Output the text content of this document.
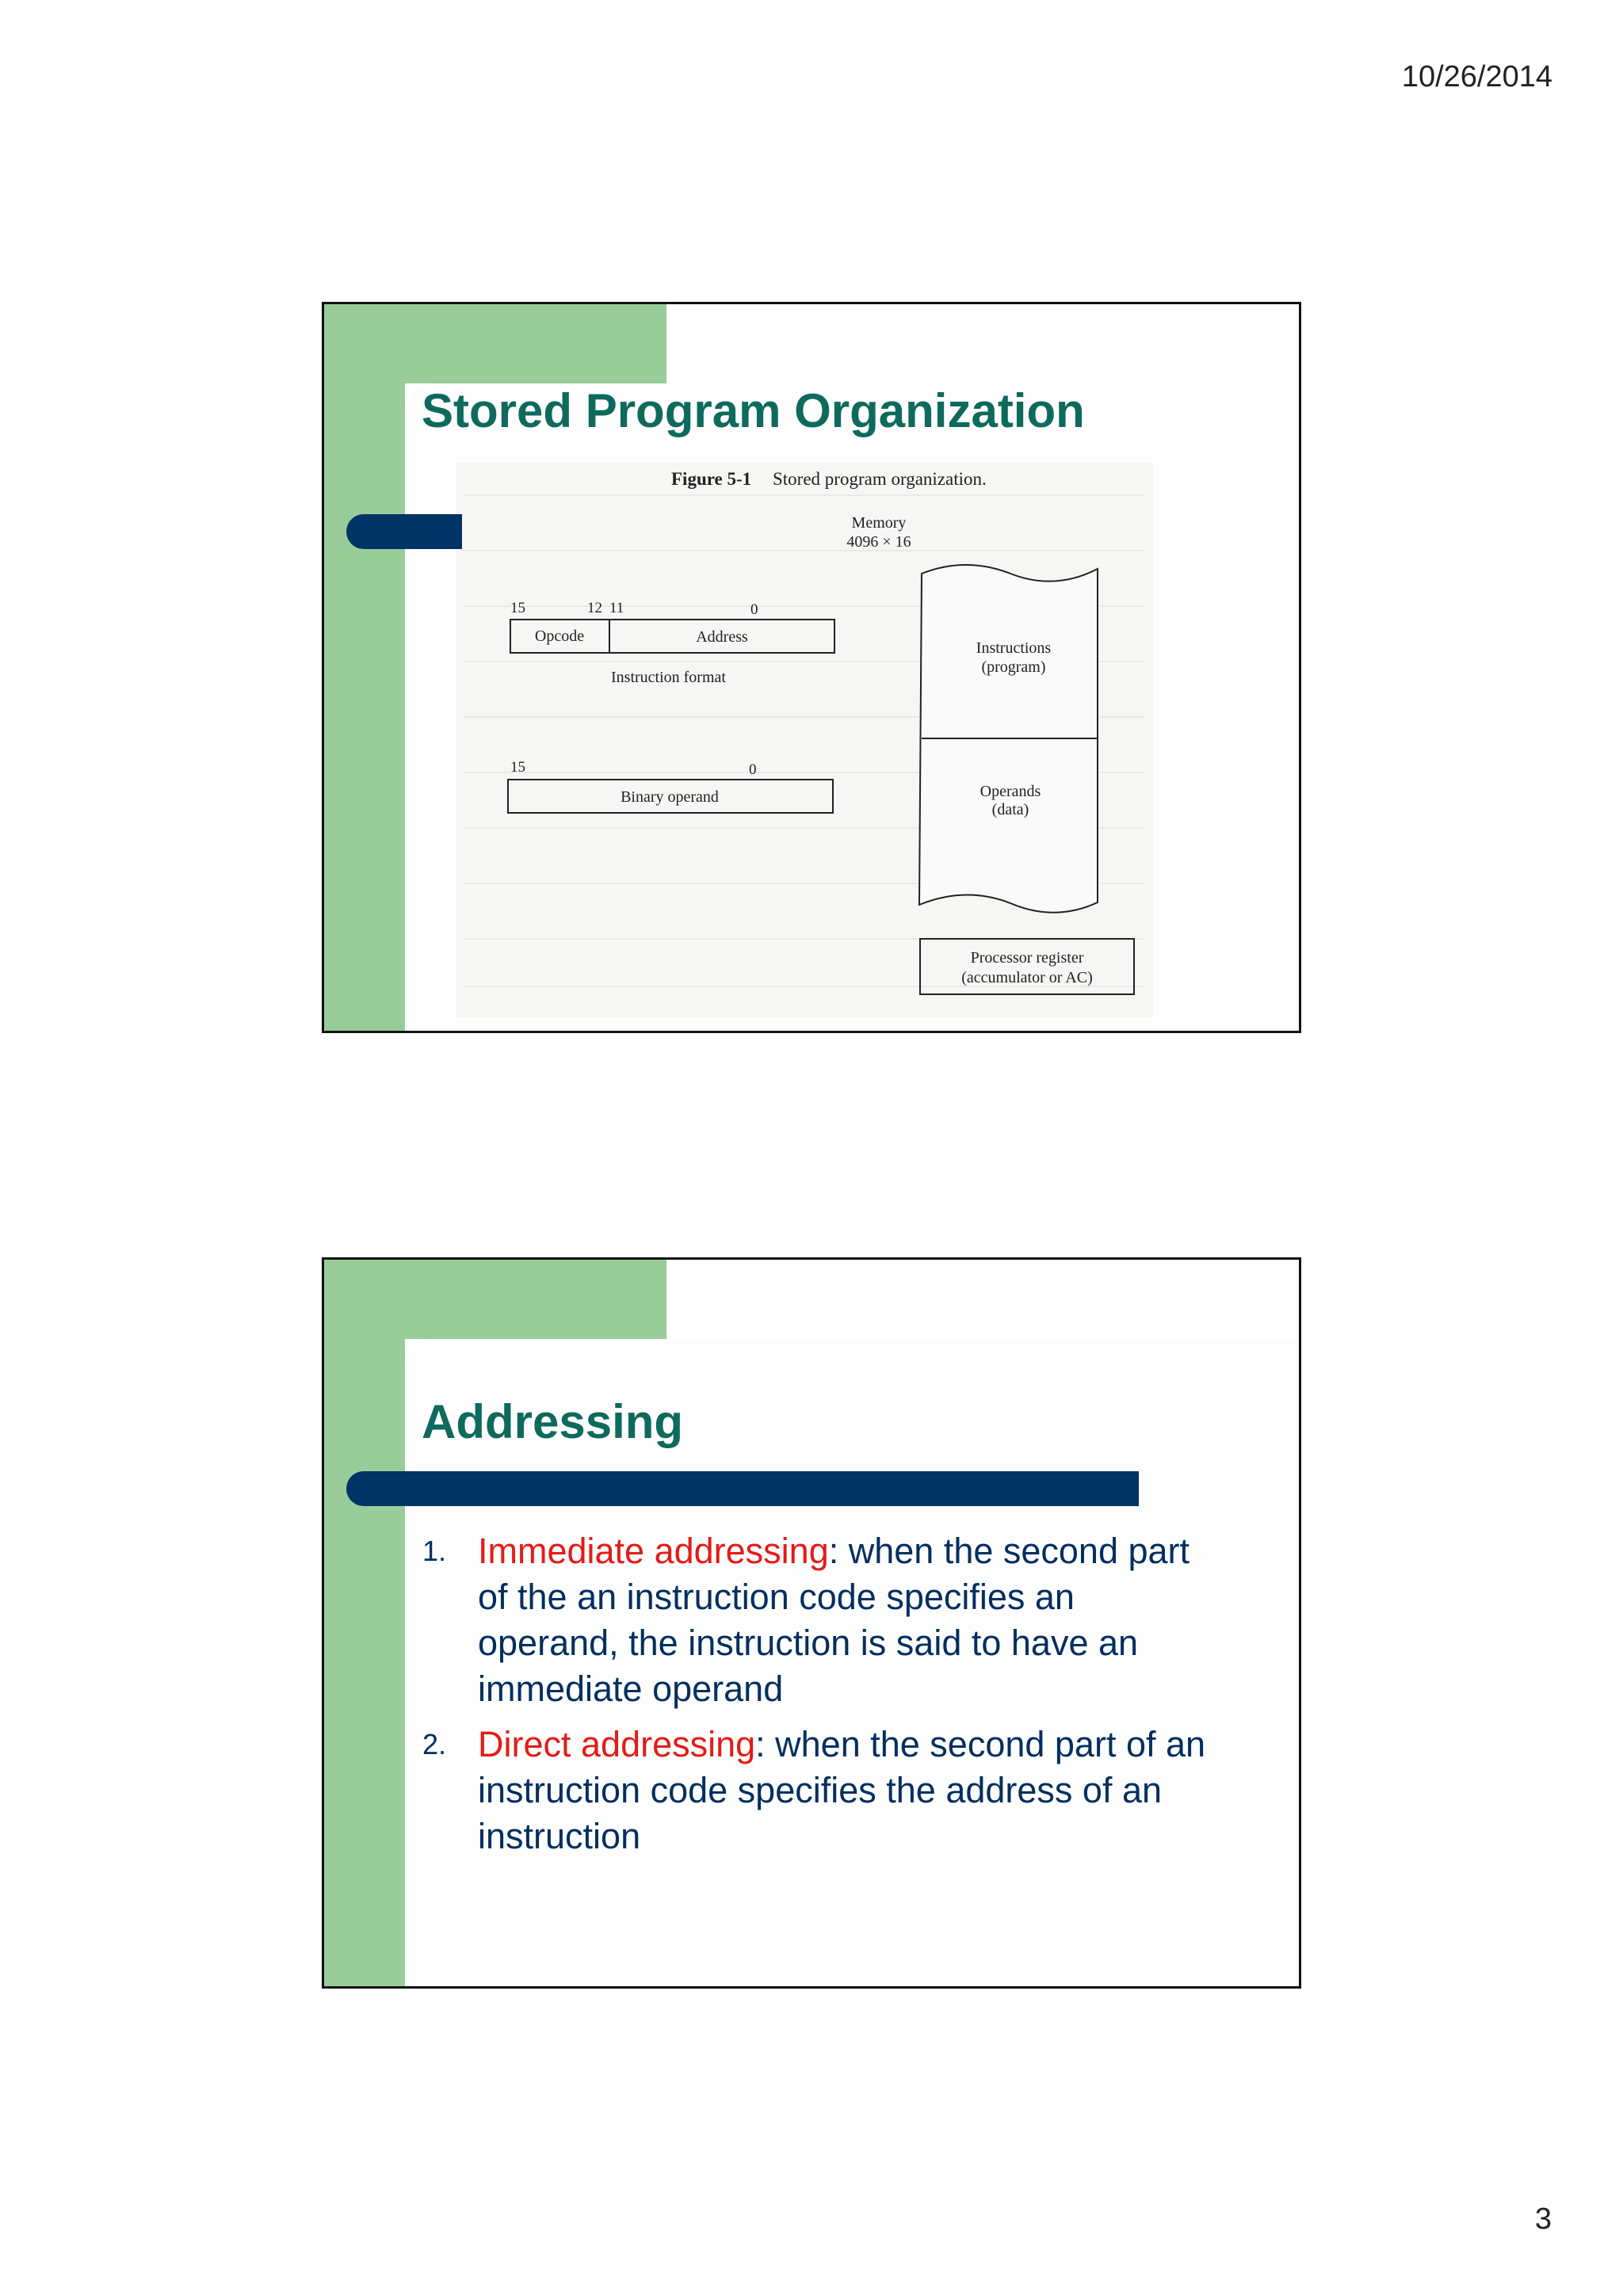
10/26/2014
Figure 5-1 Stored program organization.
Memory
4096 × 16
15	12 11	0
Opcode	Address
Instruction format
15	0
Binary operand
Instructions
(program)
Operands
(data)
Processor register
(accumulator or AC)
Stored Program Organization
Addressing
1. Immediate addressing: when the second part of the an instruction code specifies an operand, the instruction is said to have an immediate operand
2. Direct addressing: when the second part of an instruction code specifies the address of an instruction
3
